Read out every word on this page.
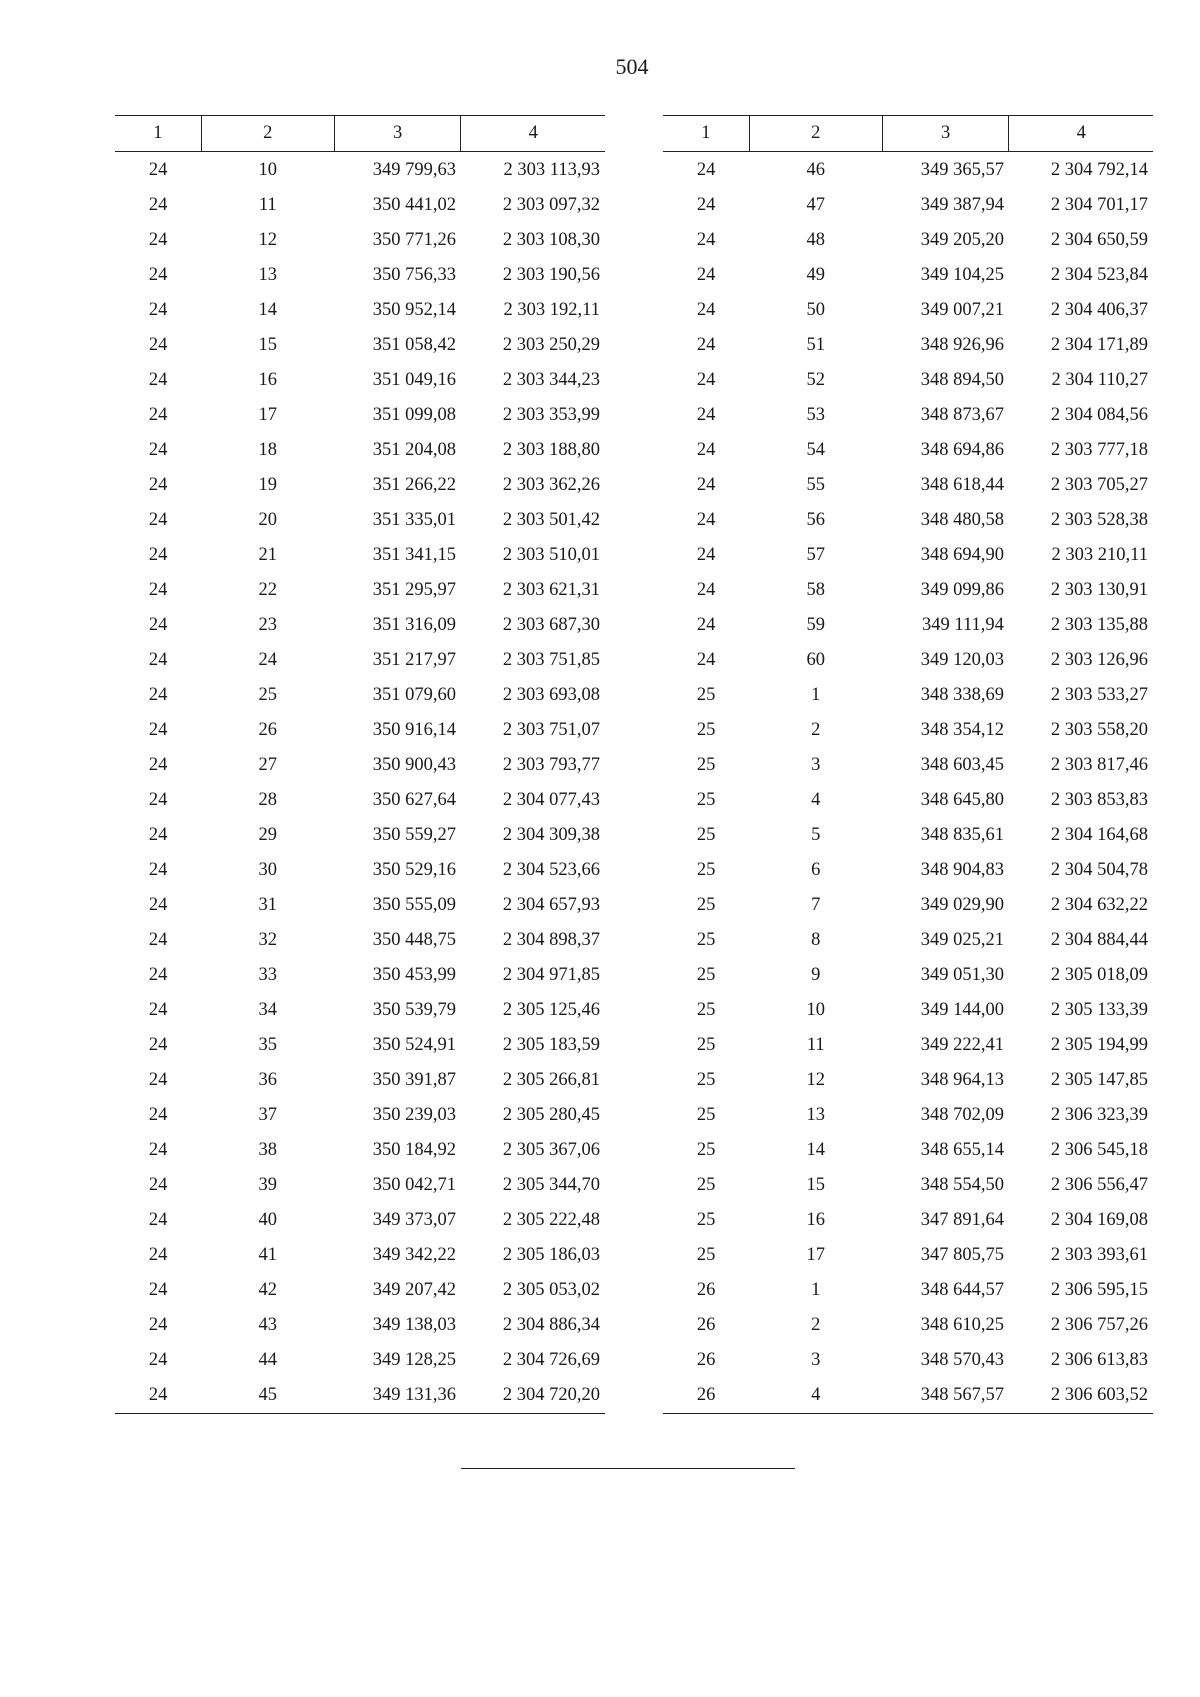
504
1	2	3	4
24	10	349 799,63	2 303 113,93
24	11	350 441,02	2 303 097,32
24	12	350 771,26	2 303 108,30
24	13	350 756,33	2 303 190,56
24	14	350 952,14	2 303 192,11
24	15	351 058,42	2 303 250,29
24	16	351 049,16	2 303 344,23
24	17	351 099,08	2 303 353,99
24	18	351 204,08	2 303 188,80
24	19	351 266,22	2 303 362,26
24	20	351 335,01	2 303 501,42
24	21	351 341,15	2 303 510,01
24	22	351 295,97	2 303 621,31
24	23	351 316,09	2 303 687,30
24	24	351 217,97	2 303 751,85
24	25	351 079,60	2 303 693,08
24	26	350 916,14	2 303 751,07
24	27	350 900,43	2 303 793,77
24	28	350 627,64	2 304 077,43
24	29	350 559,27	2 304 309,38
24	30	350 529,16	2 304 523,66
24	31	350 555,09	2 304 657,93
24	32	350 448,75	2 304 898,37
24	33	350 453,99	2 304 971,85
24	34	350 539,79	2 305 125,46
24	35	350 524,91	2 305 183,59
24	36	350 391,87	2 305 266,81
24	37	350 239,03	2 305 280,45
24	38	350 184,92	2 305 367,06
24	39	350 042,71	2 305 344,70
24	40	349 373,07	2 305 222,48
24	41	349 342,22	2 305 186,03
24	42	349 207,42	2 305 053,02
24	43	349 138,03	2 304 886,34
24	44	349 128,25	2 304 726,69
24	45	349 131,36	2 304 720,20
1	2	3	4
24	46	349 365,57	2 304 792,14
24	47	349 387,94	2 304 701,17
24	48	349 205,20	2 304 650,59
24	49	349 104,25	2 304 523,84
24	50	349 007,21	2 304 406,37
24	51	348 926,96	2 304 171,89
24	52	348 894,50	2 304 110,27
24	53	348 873,67	2 304 084,56
24	54	348 694,86	2 303 777,18
24	55	348 618,44	2 303 705,27
24	56	348 480,58	2 303 528,38
24	57	348 694,90	2 303 210,11
24	58	349 099,86	2 303 130,91
24	59	349 111,94	2 303 135,88
24	60	349 120,03	2 303 126,96
25	1	348 338,69	2 303 533,27
25	2	348 354,12	2 303 558,20
25	3	348 603,45	2 303 817,46
25	4	348 645,80	2 303 853,83
25	5	348 835,61	2 304 164,68
25	6	348 904,83	2 304 504,78
25	7	349 029,90	2 304 632,22
25	8	349 025,21	2 304 884,44
25	9	349 051,30	2 305 018,09
25	10	349 144,00	2 305 133,39
25	11	349 222,41	2 305 194,99
25	12	348 964,13	2 305 147,85
25	13	348 702,09	2 306 323,39
25	14	348 655,14	2 306 545,18
25	15	348 554,50	2 306 556,47
25	16	347 891,64	2 304 169,08
25	17	347 805,75	2 303 393,61
26	1	348 644,57	2 306 595,15
26	2	348 610,25	2 306 757,26
26	3	348 570,43	2 306 613,83
26	4	348 567,57	2 306 603,52
